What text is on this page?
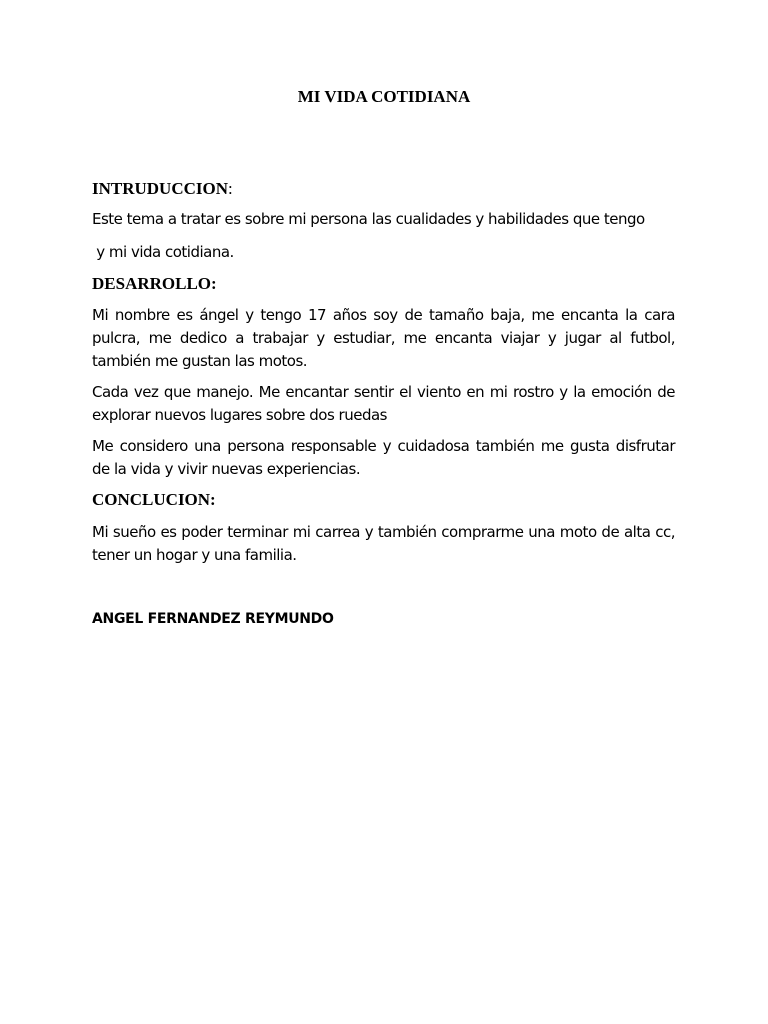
MI VIDA COTIDIANA
INTRUDUCCION:
Este tema a tratar es sobre mi persona las cualidades y habilidades que tengo
y mi vida cotidiana.
DESARROLLO:
Mi nombre es ángel y tengo 17 años soy de tamaño baja, me encanta la cara pulcra, me dedico a trabajar y estudiar, me encanta viajar y jugar al futbol, también me gustan las motos.
Cada vez que manejo. Me encantar sentir el viento en mi rostro y la emoción de explorar nuevos lugares sobre dos ruedas
Me considero una persona responsable y cuidadosa también me gusta disfrutar de la vida y vivir nuevas experiencias.
CONCLUCION:
Mi sueño es poder terminar mi carrea y también comprarme una moto de alta cc, tener un hogar y una familia.
ANGEL FERNANDEZ REYMUNDO
